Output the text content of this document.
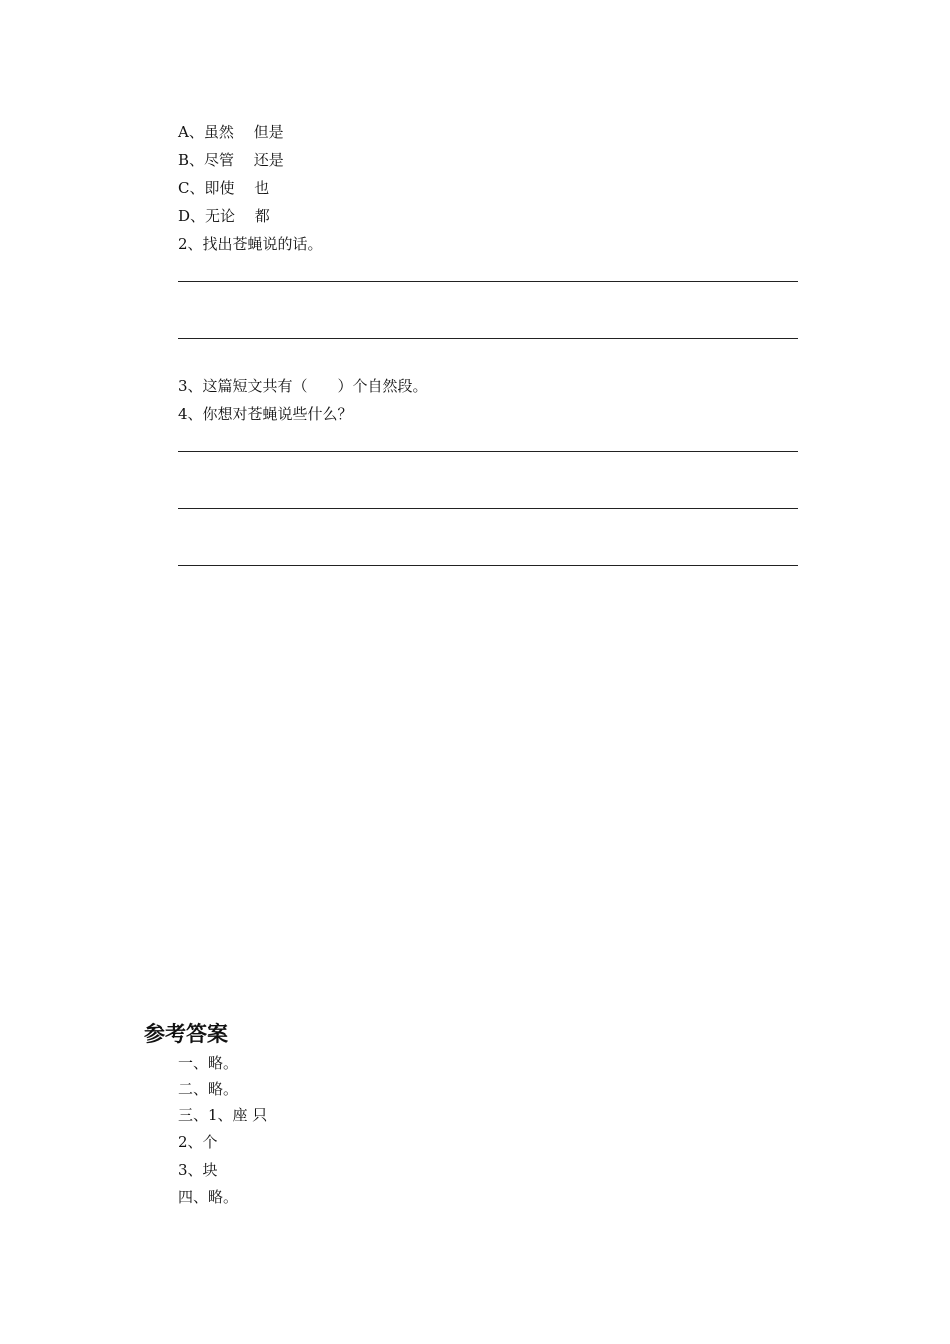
A、虽然　 但是
B、尽管　 还是
C、即使　 也
D、无论　 都
2、找出苍蝇说的话。
3、这篇短文共有（　　）个自然段。
4、你想对苍蝇说些什么？
参考答案
一、略。
二、略。
三、1、座 只
2、个
3、块
四、略。
